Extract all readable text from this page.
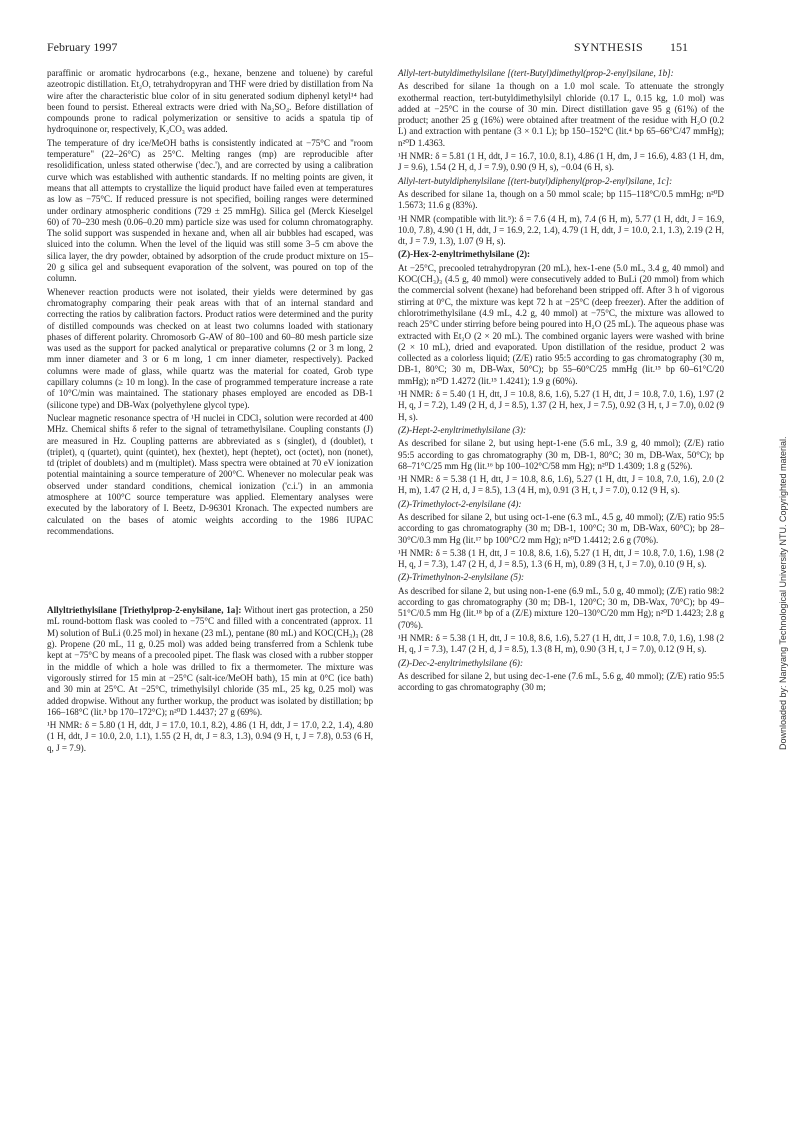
February 1997	SYNTHESIS 151

paraffinic or aromatic hydrocarbons (e.g., hexane, benzene and toluene) by careful azeotropic distillation. Et₂O, tetrahydropyran and THF were dried by distillation from Na wire after the characteristic blue color of in situ generated sodium diphenyl ketyl¹⁴ had been found to persist. Ethereal extracts were dried with Na₂SO₄. Before distillation of compounds prone to radical polymerization or sensitive to acids a spatula tip of hydroquinone or, respectively, K₂CO₃ was added.

The temperature of dry ice/MeOH baths is consistently indicated at −75°C and "room temperature" (22–26°C) as 25°C. Melting ranges (mp) are reproducible after resolidification, unless stated otherwise ('dec.'), and are corrected by using a calibration curve which was established with authentic standards. If no melting points are given, it means that all attempts to crystallize the liquid product have failed even at temperatures as low as −75°C. If reduced pressure is not specified, boiling ranges were determined under ordinary atmospheric conditions (729 ± 25 mmHg). Silica gel (Merck Kieselgel 60) of 70–230 mesh (0.06–0.20 mm) particle size was used for column chromatography. The solid support was suspended in hexane and, when all air bubbles had escaped, was sluiced into the column. When the level of the liquid was still some 3–5 cm above the silica layer, the dry powder, obtained by adsorption of the crude product mixture on 15–20 g silica gel and subsequent evaporation of the solvent, was poured on top of the column.

Whenever reaction products were not isolated, their yields were determined by gas chromatography comparing their peak areas with that of an internal standard and correcting the ratios by calibration factors. Product ratios were determined and the purity of distilled compounds was checked on at least two columns loaded with stationary phases of different polarity. Chromosorb G-AW of 80–100 and 60–80 mesh particle size was used as the support for packed analytical or preparative columns (2 or 3 m long, 2 mm inner diameter and 3 or 6 m long, 1 cm inner diameter, respectively). Packed columns were made of glass, while quartz was the material for coated, Grob type capillary columns (≥ 10 m long). In the case of programmed temperature increase a rate of 10°C/min was maintained. The stationary phases employed are encoded as DB-1 (silicone type) and DB-Wax (polyethylene glycol type).

Nuclear magnetic resonance spectra of ¹H nuclei in CDCl₃ solution were recorded at 400 MHz. Chemical shifts δ refer to the signal of tetramethylsilane. Coupling constants (J) are measured in Hz. Coupling patterns are abbreviated as s (singlet), d (doublet), t (triplet), q (quartet), quint (quintet), hex (hextet), hept (heptet), oct (octet), non (nonet), td (triplet of doublets) and m (multiplet). Mass spectra were obtained at 70 eV ionization potential maintaining a source temperature of 200°C. Whenever no molecular peak was observed under standard conditions, chemical ionization ('c.i.') in an ammonia atmosphere at 100°C source temperature was applied. Elementary analyses were executed by the laboratory of I. Beetz, D-96301 Kronach. The expected numbers are calculated on the bases of atomic weights according to the 1986 IUPAC recommendations.

Allyltriethylsilane [Triethylprop-2-enylsilane, 1a]: Without inert gas protection, a 250 mL round-bottom flask was cooled to −75°C and filled with a concentrated (approx. 11 M) solution of BuLi (0.25 mol) in hexane (23 mL), pentane (80 mL) and KOC(CH₃)₃ (28 g). Propene (20 mL, 11 g, 0.25 mol) was added being transferred from a Schlenk tube kept at −75°C by means of a precooled pipet. The flask was closed with a rubber stopper in the middle of which a hole was drilled to fix a thermometer. The mixture was vigorously stirred for 15 min at −25°C (salt-ice/MeOH bath), 15 min at 0°C (ice bath) and 30 min at 25°C. At −25°C, trimethylsilyl chloride (35 mL, 25 kg, 0.25 mol) was added dropwise. Without any further workup, the product was isolated by distillation; bp 166–168°C (lit.³ bp 170–172°C); n²⁰D 1.4437; 27 g (69%).

¹H NMR: δ = 5.80 (1 H, ddt, J = 17.0, 10.1, 8.2), 4.86 (1 H, ddt, J = 17.0, 2.2, 1.4), 4.80 (1 H, ddt, J = 10.0, 2.0, 1.1), 1.55 (2 H, dt, J = 8.3, 1.3), 0.94 (9 H, t, J = 7.8), 0.53 (6 H, q, J = 7.9).

Allyl-tert-butyldimethylsilane [(tert-Butyl)dimethyl(prop-2-enyl)silane, 1b]:

As described for silane 1a though on a 1.0 mol scale. To attenuate the strongly exothermal reaction, tert-butyldimethylsilyl chloride (0.17 L, 0.15 kg, 1.0 mol) was added at −25°C in the course of 30 min. Direct distillation gave 95 g (61%) of the product; another 25 g (16%) were obtained after treatment of the residue with H₂O (0.2 L) and extraction with pentane (3 × 0.1 L); bp 150–152°C (lit.⁴ bp 65–66°C/47 mmHg); n²⁰D 1.4363.

¹H NMR: δ = 5.81 (1 H, ddt, J = 16.7, 10.0, 8.1), 4.86 (1 H, dm, J = 16.6), 4.83 (1 H, dm, J = 9.6), 1.54 (2 H, d, J = 7.9), 0.90 (9 H, s), −0.04 (6 H, s).

Allyl-tert-butyldiphenylsilane [(tert-butyl)diphenyl(prop-2-enyl)silane, 1c]:

As described for silane 1a, though on a 50 mmol scale; bp 115–118°C/0.5 mmHg; n²⁰D 1.5673; 11.6 g (83%).

¹H NMR (compatible with lit.⁵): δ = 7.6 (4 H, m), 7.4 (6 H, m), 5.77 (1 H, ddt, J = 16.9, 10.0, 7.8), 4.90 (1 H, ddt, J = 16.9, 2.2, 1.4), 4.79 (1 H, ddt, J = 10.0, 2.1, 1.3), 2.19 (2 H, dt, J = 7.9, 1.3), 1.07 (9 H, s).

(Z)-Hex-2-enyltrimethylsilane (2):

At −25°C, precooled tetrahydropyran (20 mL), hex-1-ene (5.0 mL, 3.4 g, 40 mmol) and KOC(CH₃)₃ (4.5 g, 40 mmol) were consecutively added to BuLi (20 mmol) from which the commercial solvent (hexane) had beforehand been stripped off. After 3 h of vigorous stirring at 0°C, the mixture was kept 72 h at −25°C (deep freezer). After the addition of chlorotrimethylsilane (4.9 mL, 4.2 g, 40 mmol) at −75°C, the mixture was allowed to reach 25°C under stirring before being poured into H₂O (25 mL). The aqueous phase was extracted with Et₂O (2 × 20 mL). The combined organic layers were washed with brine (2 × 10 mL), dried and evaporated. Upon distillation of the residue, product 2 was collected as a colorless liquid; (Z/E) ratio 95:5 according to gas chromatography (30 m, DB-1, 80°C; 30 m, DB-Wax, 50°C); bp 55–60°C/25 mmHg (lit.¹⁵ bp 60–61°C/20 mmHg); n²⁰D 1.4272 (lit.¹⁵ 1.4241); 1.9 g (60%).

¹H NMR: δ = 5.40 (1 H, dtt, J = 10.8, 8.6, 1.6), 5.27 (1 H, dtt, J = 10.8, 7.0, 1.6), 1.97 (2 H, q, J = 7.2), 1.49 (2 H, d, J = 8.5), 1.37 (2 H, hex, J = 7.5), 0.92 (3 H, t, J = 7.0), 0.02 (9 H, s).

(Z)-Hept-2-enyltrimethylsilane (3):

As described for silane 2, but using hept-1-ene (5.6 mL, 3.9 g, 40 mmol); (Z/E) ratio 95:5 according to gas chromatography (30 m, DB-1, 80°C; 30 m, DB-Wax, 50°C); bp 68–71°C/25 mm Hg (lit.¹⁶ bp 100–102°C/58 mm Hg); n²⁰D 1.4309; 1.8 g (52%).

¹H NMR: δ = 5.38 (1 H, dtt, J = 10.8, 8.6, 1.6), 5.27 (1 H, dtt, J = 10.8, 7.0, 1.6), 2.0 (2 H, m), 1.47 (2 H, d, J = 8.5), 1.3 (4 H, m), 0.91 (3 H, t, J = 7.0), 0.12 (9 H, s).

(Z)-Trimethyloct-2-enylsilane (4):

As described for silane 2, but using oct-1-ene (6.3 mL, 4.5 g, 40 mmol); (Z/E) ratio 95:5 according to gas chromatography (30 m; DB-1, 100°C; 30 m, DB-Wax, 60°C); bp 28–30°C/0.3 mm Hg (lit.¹⁷ bp 100°C/2 mm Hg); n²⁰D 1.4412; 2.6 g (70%).

¹H NMR: δ = 5.38 (1 H, dtt, J = 10.8, 8.6, 1.6), 5.27 (1 H, dtt, J = 10.8, 7.0, 1.6), 1.98 (2 H, q, J = 7.3), 1.47 (2 H, d, J = 8.5), 1.3 (6 H, m), 0.89 (3 H, t, J = 7.0), 0.10 (9 H, s).

(Z)-Trimethylnon-2-enylsilane (5):

As described for silane 2, but using non-1-ene (6.9 mL, 5.0 g, 40 mmol); (Z/E) ratio 98:2 according to gas chromatography (30 m; DB-1, 120°C; 30 m, DB-Wax, 70°C); bp 49–51°C/0.5 mm Hg (lit.¹⁸ bp of a (Z/E) mixture 120–130°C/20 mm Hg); n²⁰D 1.4423; 2.8 g (70%).

¹H NMR: δ = 5.38 (1 H, dtt, J = 10.8, 8.6, 1.6), 5.27 (1 H, dtt, J = 10.8, 7.0, 1.6), 1.98 (2 H, q, J = 7.3), 1.47 (2 H, d, J = 8.5), 1.3 (8 H, m), 0.90 (3 H, t, J = 7.0), 0.12 (9 H, s).

(Z)-Dec-2-enyltrimethylsilane (6):

As described for silane 2, but using dec-1-ene (7.6 mL, 5.6 g, 40 mmol); (Z/E) ratio 95:5 according to gas chromatography (30 m;	Downloaded by: Nanyang Technological University NTU. Copyrighted material.
